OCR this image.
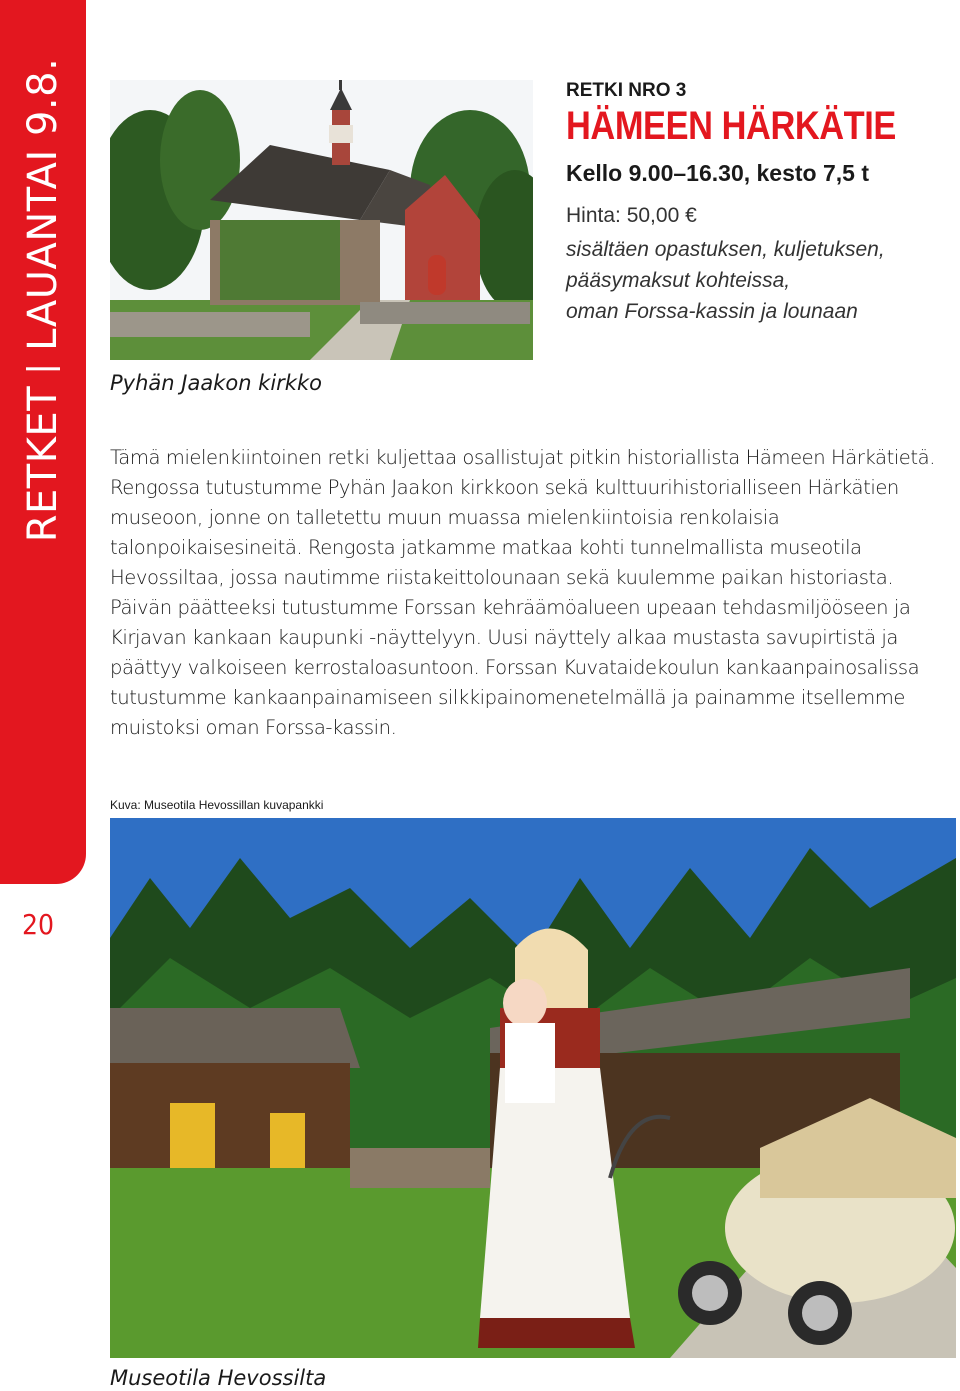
RETKETLAUANTAI 9.8.
20
Pyhän Jaakon kirkko
RETKI NRO 3
HÄMEEN HÄRKÄTIE
Kello 9.00–16.30, kesto 7,5 t
Hinta: 50,00 €
sisältäen opastuksen, kuljetuksen,
pääsymaksut kohteissa,
oman Forssa-kassin ja lounaan
Tämä mielenkiintoinen retki kuljettaa osallistujat pitkin historiallista Hämeen Härkätietä. Rengossa tutustumme Pyhän Jaakon kirkkoon sekä kulttuurihistorialliseen Härkätien museoon, jonne on talletettu muun muassa mielenkiintoisia renkolaisia talonpoikaisesineitä. Rengosta jatkamme matkaa kohti tunnelmallista museotila Hevossiltaa, jossa nautimme riistakeittolounaan sekä kuulemme paikan historiasta. Päivän päätteeksi tutustumme Forssan kehräämöalueen upeaan tehdasmiljööseen ja Kirjavan kankaan kaupunki -näyttelyyn. Uusi näyttely alkaa mustasta savupirtistä ja päättyy valkoiseen kerrostaloasuntoon. Forssan Kuvataidekoulun kankaanpainosalissa tutustumme kankaanpainamiseen silkkipainomenetelmällä ja painamme itsellemme muistoksi oman Forssa-kassin.
Kuva: Museotila Hevossillan kuvapankki
Museotila Hevossilta
